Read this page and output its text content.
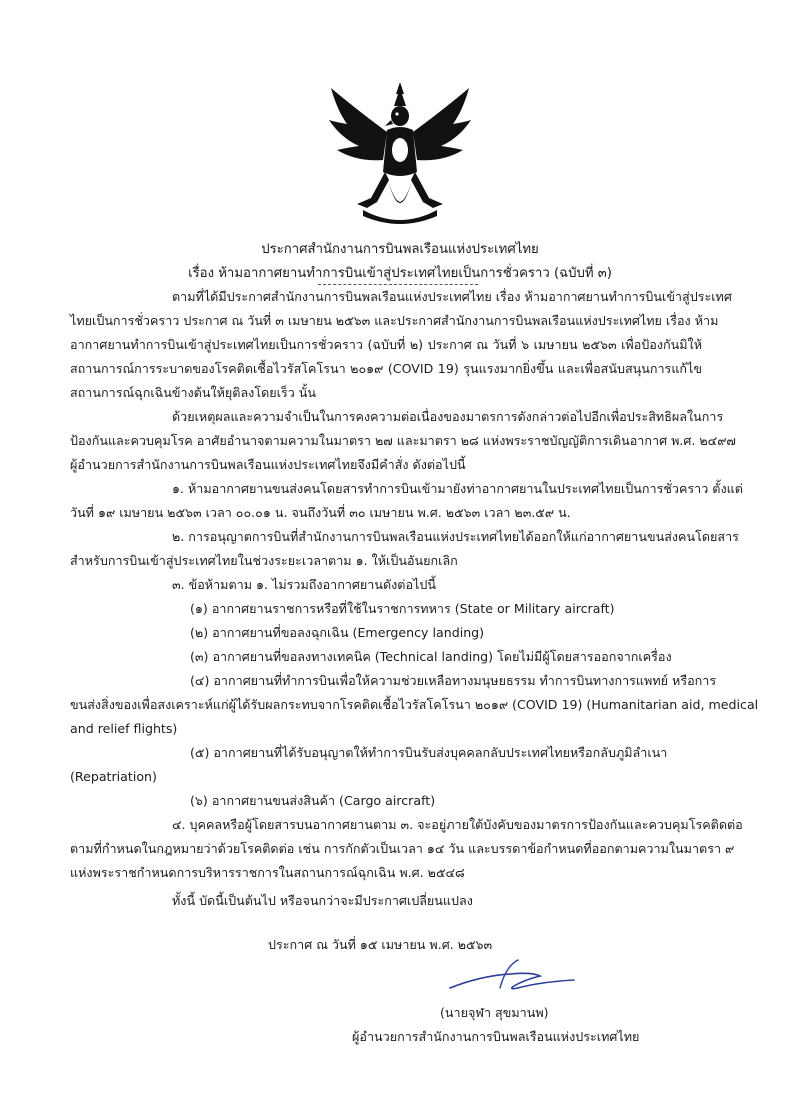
ประกาศสำนักงานการบินพลเรือนแห่งประเทศไทย
เรื่อง ห้ามอากาศยานทำการบินเข้าสู่ประเทศไทยเป็นการชั่วคราว (ฉบับที่ ๓)
ตามที่ได้มีประกาศสำนักงานการบินพลเรือนแห่งประเทศไทย เรื่อง ห้ามอากาศยานทำการบินเข้าสู่ประเทศ
ไทยเป็นการชั่วคราว ประกาศ ณ วันที่ ๓ เมษายน ๒๕๖๓ และประกาศสำนักงานการบินพลเรือนแห่งประเทศไทย เรื่อง ห้าม
อากาศยานทำการบินเข้าสู่ประเทศไทยเป็นการชั่วคราว (ฉบับที่ ๒) ประกาศ ณ วันที่ ๖ เมษายน ๒๕๖๓ เพื่อป้องกันมิให้
สถานการณ์การระบาดของโรคติดเชื้อไวรัสโคโรนา ๒๐๑๙ (COVID 19) รุนแรงมากยิ่งขึ้น และเพื่อสนับสนุนการแก้ไข
สถานการณ์ฉุกเฉินข้างต้นให้ยุติลงโดยเร็ว นั้น
ด้วยเหตุผลและความจำเป็นในการคงความต่อเนื่องของมาตรการดังกล่าวต่อไปอีกเพื่อประสิทธิผลในการ
ป้องกันและควบคุมโรค อาศัยอำนาจตามความในมาตรา ๒๗ และมาตรา ๒๘ แห่งพระราชบัญญัติการเดินอากาศ พ.ศ. ๒๔๙๗
ผู้อำนวยการสำนักงานการบินพลเรือนแห่งประเทศไทยจึงมีคำสั่ง ดังต่อไปนี้
๑. ห้ามอากาศยานขนส่งคนโดยสารทำการบินเข้ามายังท่าอากาศยานในประเทศไทยเป็นการชั่วคราว ตั้งแต่
วันที่ ๑๙ เมษายน ๒๕๖๓ เวลา ๐๐.๐๑ น. จนถึงวันที่ ๓๐ เมษายน พ.ศ. ๒๕๖๓ เวลา ๒๓.๕๙ น.
๒. การอนุญาตการบินที่สำนักงานการบินพลเรือนแห่งประเทศไทยได้ออกให้แก่อากาศยานขนส่งคนโดยสาร
สำหรับการบินเข้าสู่ประเทศไทยในช่วงระยะเวลาตาม ๑. ให้เป็นอันยกเลิก
๓. ข้อห้ามตาม ๑. ไม่รวมถึงอากาศยานดังต่อไปนี้
(๑) อากาศยานราชการหรือที่ใช้ในราชการทหาร (State or Military aircraft)
(๒) อากาศยานที่ขอลงฉุกเฉิน (Emergency landing)
(๓) อากาศยานที่ขอลงทางเทคนิค (Technical landing) โดยไม่มีผู้โดยสารออกจากเครื่อง
(๔) อากาศยานที่ทำการบินเพื่อให้ความช่วยเหลือทางมนุษยธรรม ทำการบินทางการแพทย์ หรือการ
ขนส่งสิ่งของเพื่อสงเคราะห์แก่ผู้ได้รับผลกระทบจากโรคติดเชื้อไวรัสโคโรนา ๒๐๑๙ (COVID 19) (Humanitarian aid, medical
and relief flights)
(๕) อากาศยานที่ได้รับอนุญาตให้ทำการบินรับส่งบุคคลกลับประเทศไทยหรือกลับภูมิลำเนา
(Repatriation)
(๖) อากาศยานขนส่งสินค้า (Cargo aircraft)
๔. บุคคลหรือผู้โดยสารบนอากาศยานตาม ๓. จะอยู่ภายใต้บังคับของมาตรการป้องกันและควบคุมโรคติดต่อ
ตามที่กำหนดในกฎหมายว่าด้วยโรคติดต่อ เช่น การกักตัวเป็นเวลา ๑๔ วัน และบรรดาข้อกำหนดที่ออกตามความในมาตรา ๙
แห่งพระราชกำหนดการบริหารราชการในสถานการณ์ฉุกเฉิน พ.ศ. ๒๕๔๘
ทั้งนี้ บัดนี้เป็นต้นไป หรือจนกว่าจะมีประกาศเปลี่ยนแปลง
ประกาศ ณ วันที่ ๑๕ เมษายน พ.ศ. ๒๕๖๓
(นายจุฬา สุขมานพ)
ผู้อำนวยการสำนักงานการบินพลเรือนแห่งประเทศไทย
